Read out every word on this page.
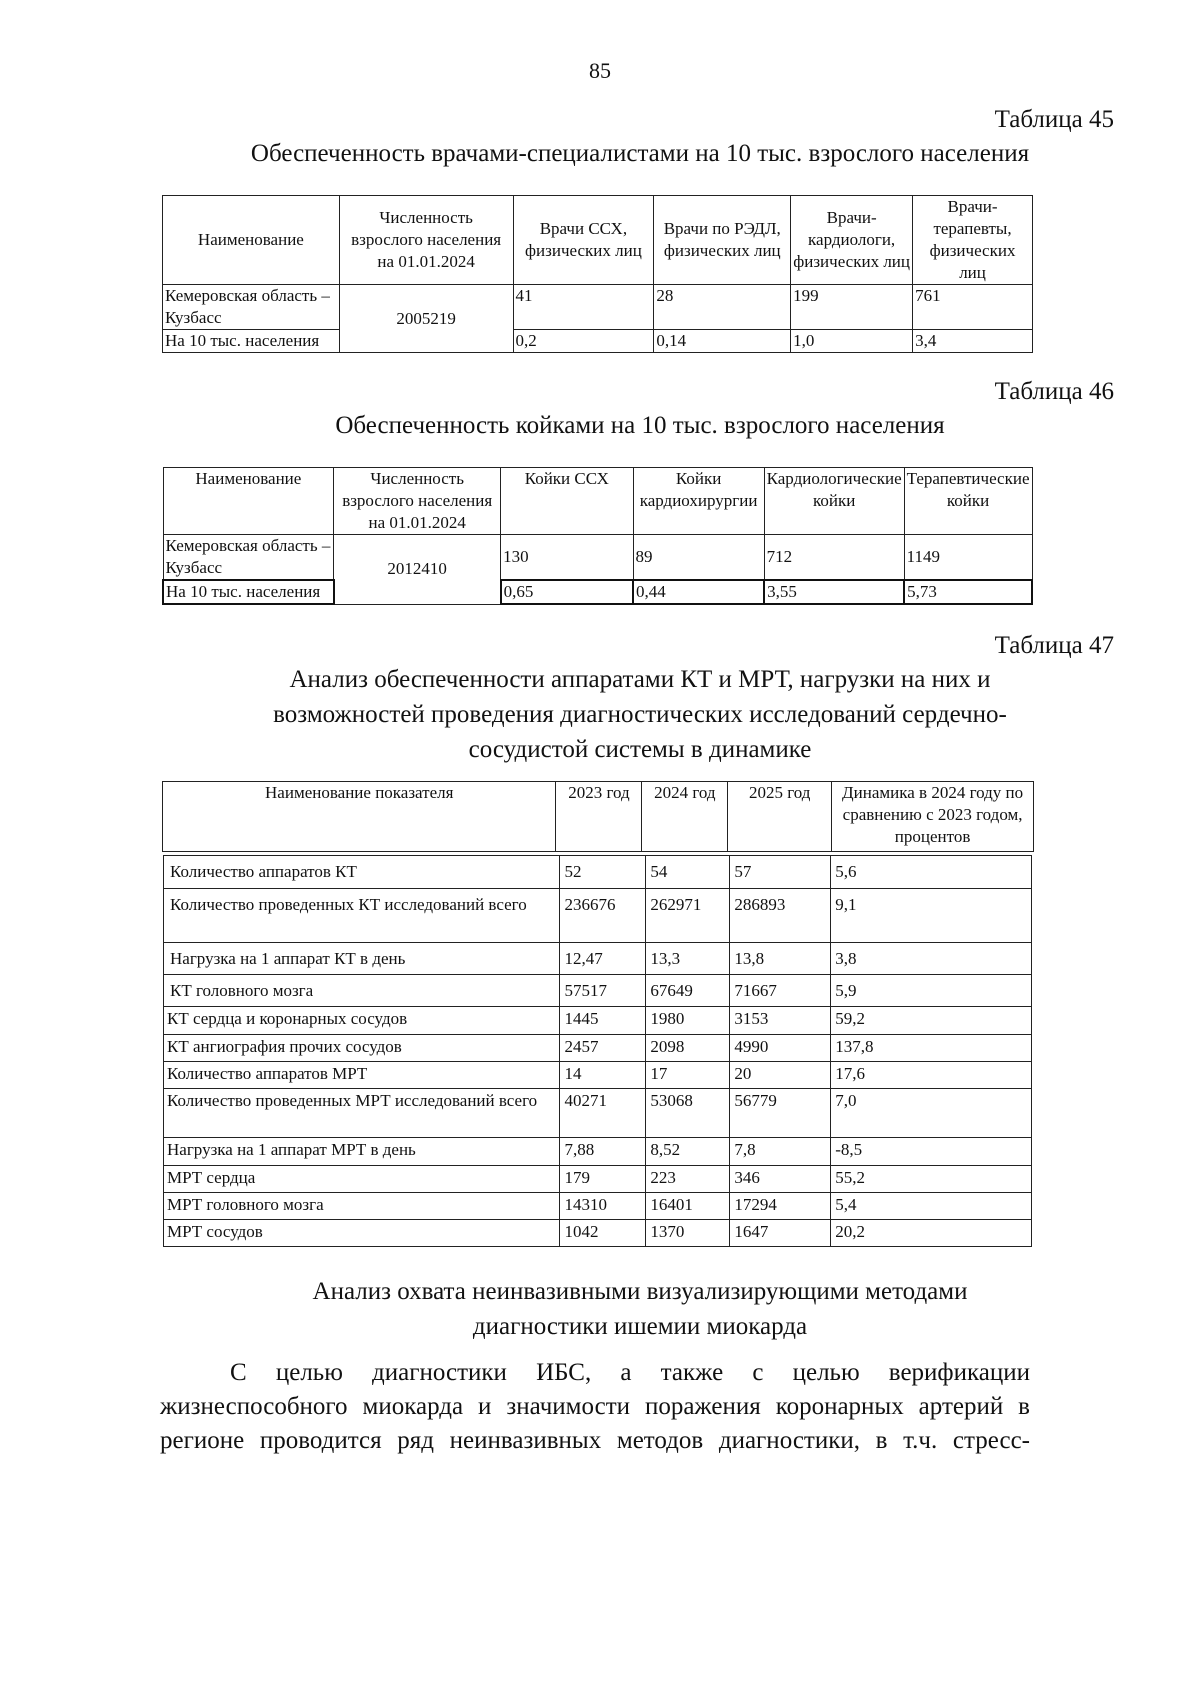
85
Таблица 45
Обеспеченность врачами-специалистами на 10 тыс. взрослого населения
Наименование	Численность взрослого населения на 01.01.2024	Врачи ССХ, физических лиц	Врачи по РЭДЛ, физических лиц	Врачи-кардиологи, физических лиц	Врачи-терапевты, физических лиц
Кемеровская область – Кузбасс	2005219	41	28	199	761
На 10 тыс. населения		0,2	0,14	1,0	3,4
Таблица 46
Обеспеченность койками на 10 тыс. взрослого населения
Наименование	Численность взрослого населения на 01.01.2024	Койки ССХ	Койки кардиохирургии	Кардиологические койки	Терапевтические койки
Кемеровская область – Кузбасс	2012410	130	89	712	1149
На 10 тыс. населения		0,65	0,44	3,55	5,73
Таблица 47
Анализ обеспеченности аппаратами КТ и МРТ, нагрузки на них и
возможностей проведения диагностических исследований сердечно-
сосудистой системы в динамике
Наименование показателя	2023 год	2024 год	2025 год	Динамика в 2024 году по сравнению с 2023 годом, процентов
Количество аппаратов КТ	52	54	57	5,6
Количество проведенных КТ исследований всего	236676	262971	286893	9,1
Нагрузка на 1 аппарат КТ в день	12,47	13,3	13,8	3,8
КТ головного мозга	57517	67649	71667	5,9
КТ сердца и коронарных сосудов	1445	1980	3153	59,2
КТ ангиография прочих сосудов	2457	2098	4990	137,8
Количество аппаратов МРТ	14	17	20	17,6
Количество проведенных МРТ исследований всего	40271	53068	56779	7,0
Нагрузка на 1 аппарат МРТ в день	7,88	8,52	7,8	-8,5
МРТ сердца	179	223	346	55,2
МРТ головного мозга	14310	16401	17294	5,4
МРТ сосудов	1042	1370	1647	20,2
Анализ охвата неинвазивными визуализирующими методами
диагностики ишемии миокарда
С целью диагностики ИБС, а также с целью верификации
жизнеспособного миокарда и значимости поражения коронарных артерий в
регионе проводится ряд неинвазивных методов диагностики, в т.ч. стресс-
